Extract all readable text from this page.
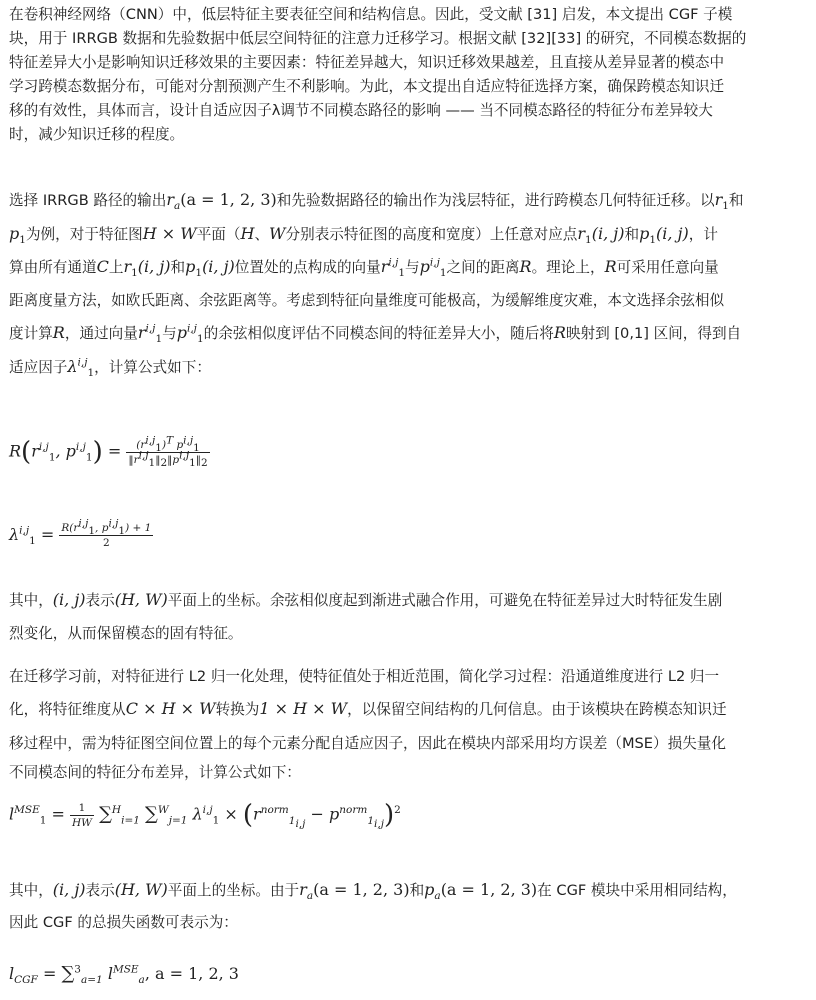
在卷积神经网络（CNN）中，低层特征主要表征空间和结构信息。因此，受文献 [31] 启发，本文提出 CGF 子模
块，用于 IRRGB 数据和先验数据中低层空间特征的注意力迁移学习。根据文献 [32][33] 的研究，不同模态数据的
特征差异大小是影响知识迁移效果的主要因素：特征差异越大，知识迁移效果越差，且直接从差异显著的模态中
学习跨模态数据分布，可能对分割预测产生不利影响。为此，本文提出自适应特征选择方案，确保跨模态知识迁
移的有效性，具体而言，设计自适应因子λ调节不同模态路径的影响 —— 当不同模态路径的特征分布差异较大
时，减少知识迁移的程度。
选择 IRRGB 路径的输出$r_a(a = 1$, 2, 3)和先验数据路径的输出作为浅层特征，进行跨模态几何特征迁移。以$r_1$和
$p_1$为例，对于特征图H × W平面（H、W分别表示特征图的高度和宽度）上任意对应点$r_1(i$, j)和$p_1(i$, j)，计
算由所有通道C上$r_1(i$, j)和$p_1(i$, j)位置处的点构成的向量$r^{i,j}_1$与$p^{i,j}_1$之间的距离R。理论上，R可采用任意向量
距离度量方法，如欧氏距离、余弦距离等。考虑到特征向量维度可能极高，为缓解维度灾难，本文选择余弦相似
度计算R，通过向量$r^{i,j}_1$与$p^{i,j}_1$的余弦相似度评估不同模态间的特征差异大小，随后将R映射到 [0,1] 区间，得到自
适应因子$\lambda^{i,j}_1$，计算公式如下：
$R(r^{i,j}_1$, $p^{i,j}_1) = \frac{(r^{i,j}_1)^T p^{i,j}_1}{‖r^{i,j}_1‖_2‖p^{i,j}_1‖_2}$
$\lambda^{i,j}_1 = \frac{R(r^{i,j}_1, p^{i,j}_1) + 1}{2}$
其中，(i, j)表示(H, W)平面上的坐标。余弦相似度起到渐进式融合作用，可避免在特征差异过大时特征发生剧
烈变化，从而保留模态的固有特征。
在迁移学习前，对特征进行 L2 归一化处理，使特征值处于相近范围，简化学习过程：沿通道维度进行 L2 归一
化，将特征维度从C × H × W转换为1 × H × W，以保留空间结构的几何信息。由于该模块在跨模态知识迁
移过程中，需为特征图空间位置上的每个元素分配自适应因子，因此在模块内部采用均方误差（MSE）损失量化
不同模态间的特征分布差异，计算公式如下：
$l^{MSE}_1 = \frac{1}{HW} \sum^H_{i=1}$ ∑$^W_{j=1}$ $\lambda^{i,j}_1 \times (r^{norm}_{1_{i,j}} - p^{norm}_{1_{i,j}})^2$
其中，(i, j)表示(H, W)平面上的坐标。由于$r_a(a = 1$, 2, 3)和$p_a(a = 1$, 2, 3)在 CGF 模块中采用相同结构，
因此 CGF 的总损失函数可表示为：
$l_{CGF} = \sum^3_{a=1}$ $l^{MSE}_a$, a = 1, 2, 3
